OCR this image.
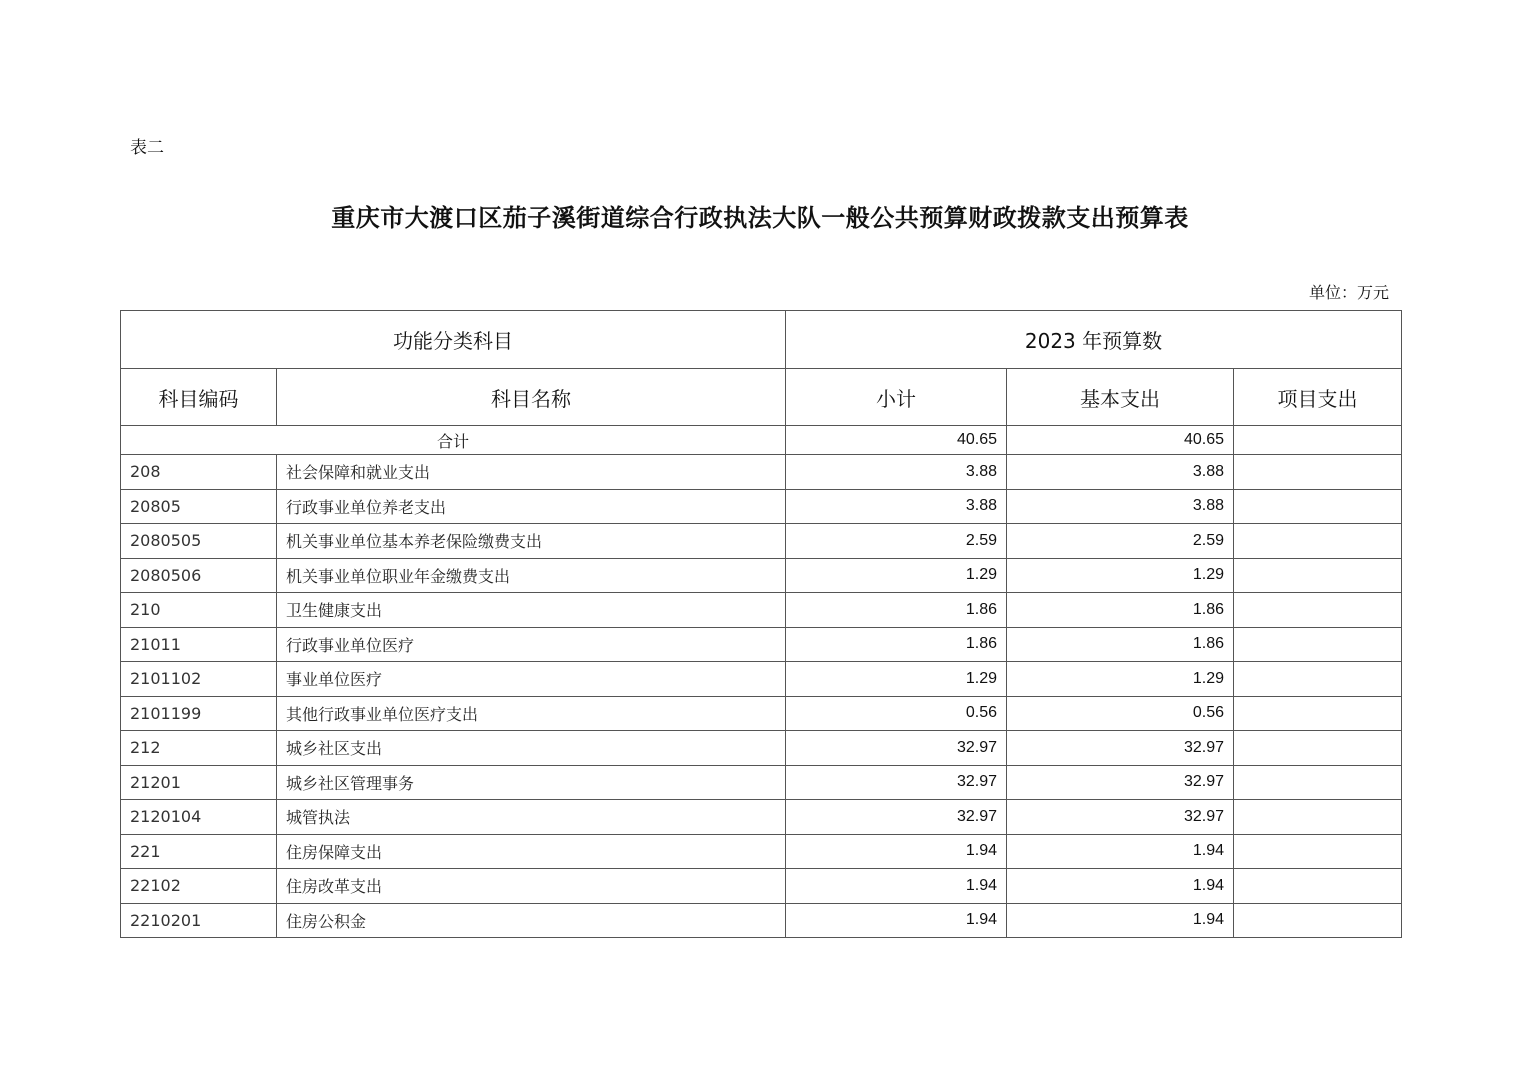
表二
重庆市大渡口区茄子溪街道综合行政执法大队一般公共预算财政拨款支出预算表
单位：万元
功能分类科目		2023 年预算数		
科目编码	科目名称	小计	基本支出	项目支出
合计		40.65	40.65	
208	社会保障和就业支出	3.88	3.88	
20805	行政事业单位养老支出	3.88	3.88	
2080505	机关事业单位基本养老保险缴费支出	2.59	2.59	
2080506	机关事业单位职业年金缴费支出	1.29	1.29	
210	卫生健康支出	1.86	1.86	
21011	行政事业单位医疗	1.86	1.86	
2101102	事业单位医疗	1.29	1.29	
2101199	其他行政事业单位医疗支出	0.56	0.56	
212	城乡社区支出	32.97	32.97	
21201	城乡社区管理事务	32.97	32.97	
2120104	城管执法	32.97	32.97	
221	住房保障支出	1.94	1.94	
22102	住房改革支出	1.94	1.94	
2210201	住房公积金	1.94	1.94	
